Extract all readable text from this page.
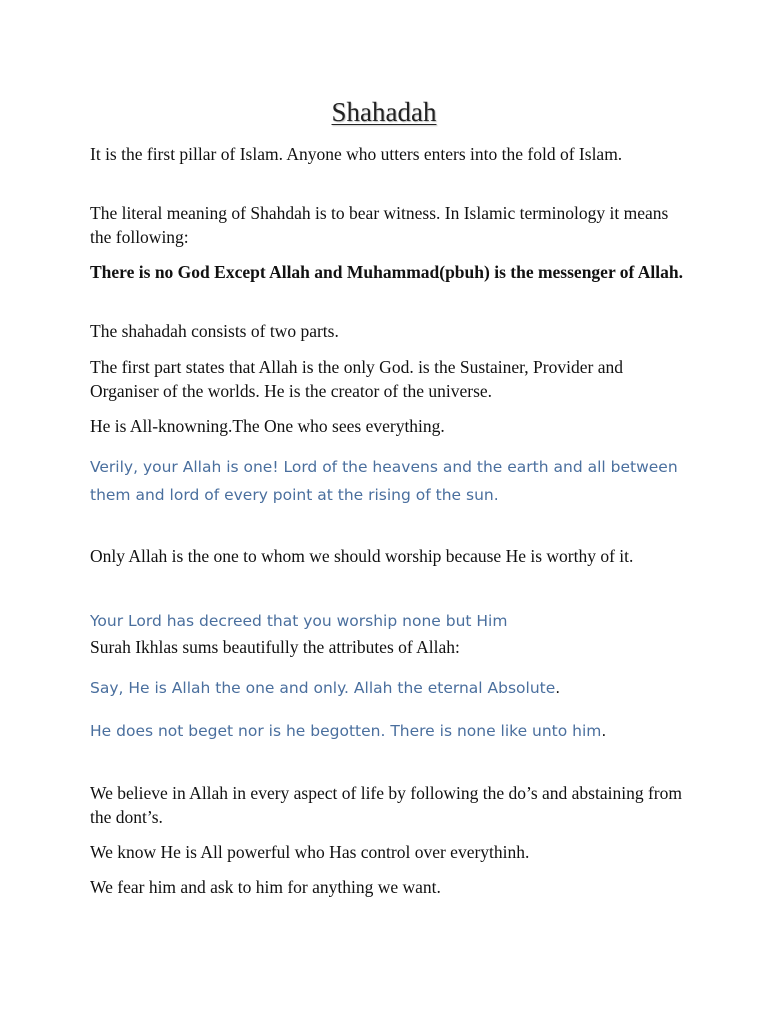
Shahadah

It is the first pillar of Islam. Anyone who utters enters into the fold of Islam.

The literal meaning of Shahdah is to bear witness. In Islamic terminology it means the following:

There is no God Except Allah and Muhammad(pbuh) is the messenger of Allah.

The shahadah consists of two parts.

The first part states that Allah is the only God. is the Sustainer, Provider and Organiser of the worlds. He is the creator of the universe.

He is All-knowning.The One who sees everything.

Verily, your Allah is one! Lord of the heavens and the earth and all between them and lord of every point at the rising of the sun.

Only Allah is the one to whom we should worship because He is worthy of it.

Your Lord has decreed that you worship none but Him

Surah Ikhlas sums beautifully the attributes of Allah:

Say, He is Allah the one and only. Allah the eternal Absolute.

He does not beget nor is he begotten. There is none like unto him.

We believe in Allah in every aspect of life by following the do’s and abstaining from the dont’s.

We know He is All powerful who Has control over everythinh.

We fear him and ask to him for anything we want.
